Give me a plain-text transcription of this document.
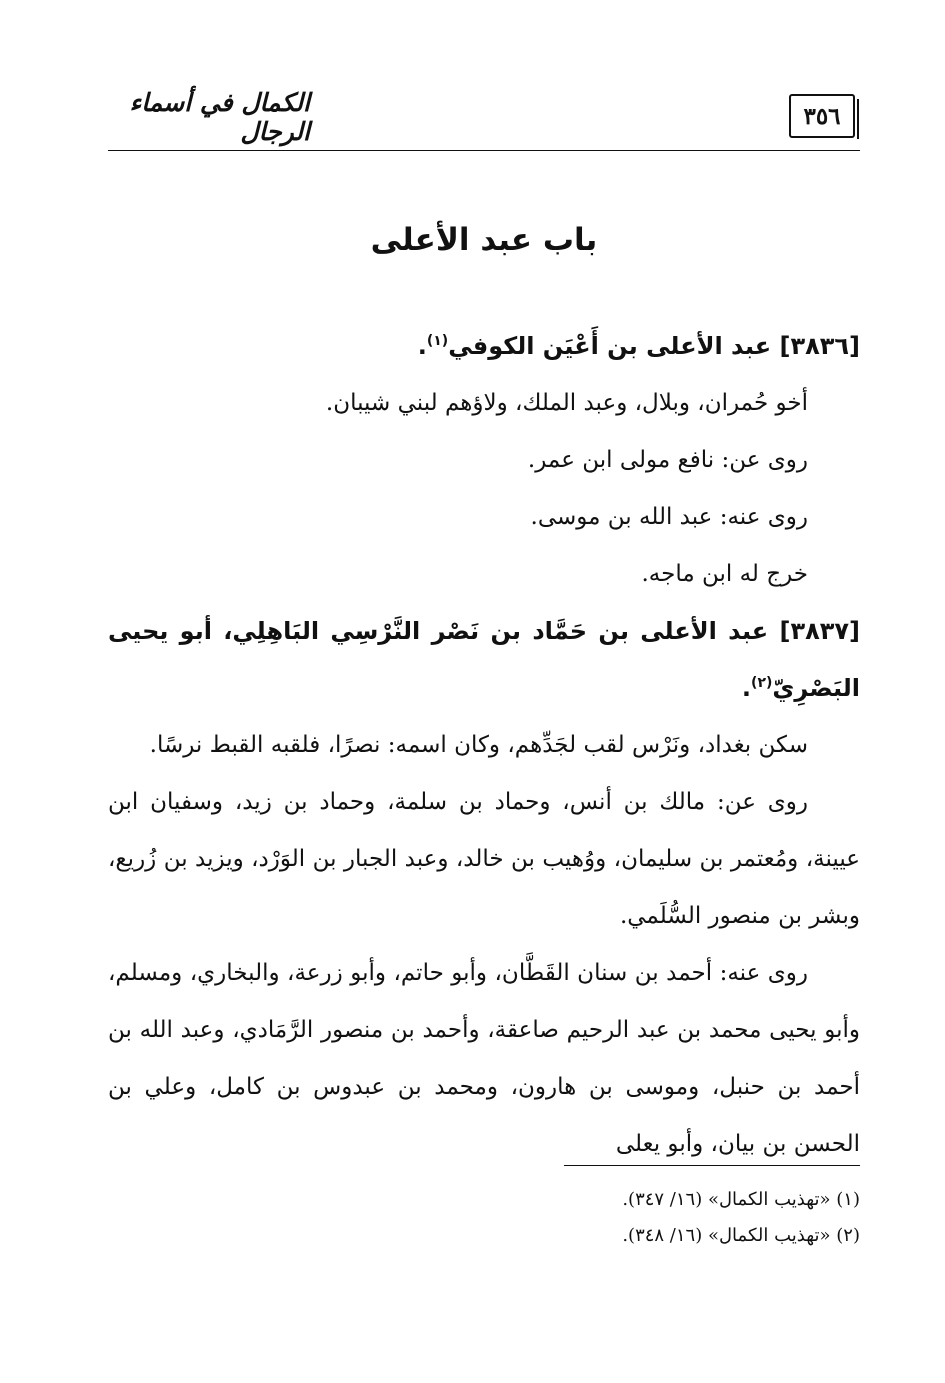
٣٥٦
الكمال في أسماء الرجال
باب عبد الأعلى
[٣٨٣٦] عبد الأعلى بن أَعْيَن الكوفي$^{(١)}$.
أخو حُمران، وبلال، وعبد الملك، ولاؤهم لبني شيبان.
روى عن: نافع مولى ابن عمر.
روى عنه: عبد الله بن موسى.
خرج له ابن ماجه.
[٣٨٣٧] عبد الأعلى بن حَمَّاد بن نَصْر النَّرْسِي البَاهِلِي، أبو يحيى البَصْرِيّ$^{(٢)}$.
سكن بغداد، ونَرْس لقب لجَدِّهم، وكان اسمه: نصرًا، فلقبه القبط نرسًا.
روى عن: مالك بن أنس، وحماد بن سلمة، وحماد بن زيد، وسفيان ابن عيينة، ومُعتمر بن سليمان، ووُهيب بن خالد، وعبد الجبار بن الوَرْد، ويزيد بن زُريع، وبشر بن منصور السُّلَمي.
روى عنه: أحمد بن سنان القَطَّان، وأبو حاتم، وأبو زرعة، والبخاري، ومسلم، وأبو يحيى محمد بن عبد الرحيم صاعقة، وأحمد بن منصور الرَّمَادي، وعبد الله بن أحمد بن حنبل، وموسى بن هارون، ومحمد بن عبدوس بن كامل، وعلي بن الحسن بن بيان، وأبو يعلى
(١) «تهذيب الكمال» (١٦/ ٣٤٧).
(٢) «تهذيب الكمال» (١٦/ ٣٤٨).
